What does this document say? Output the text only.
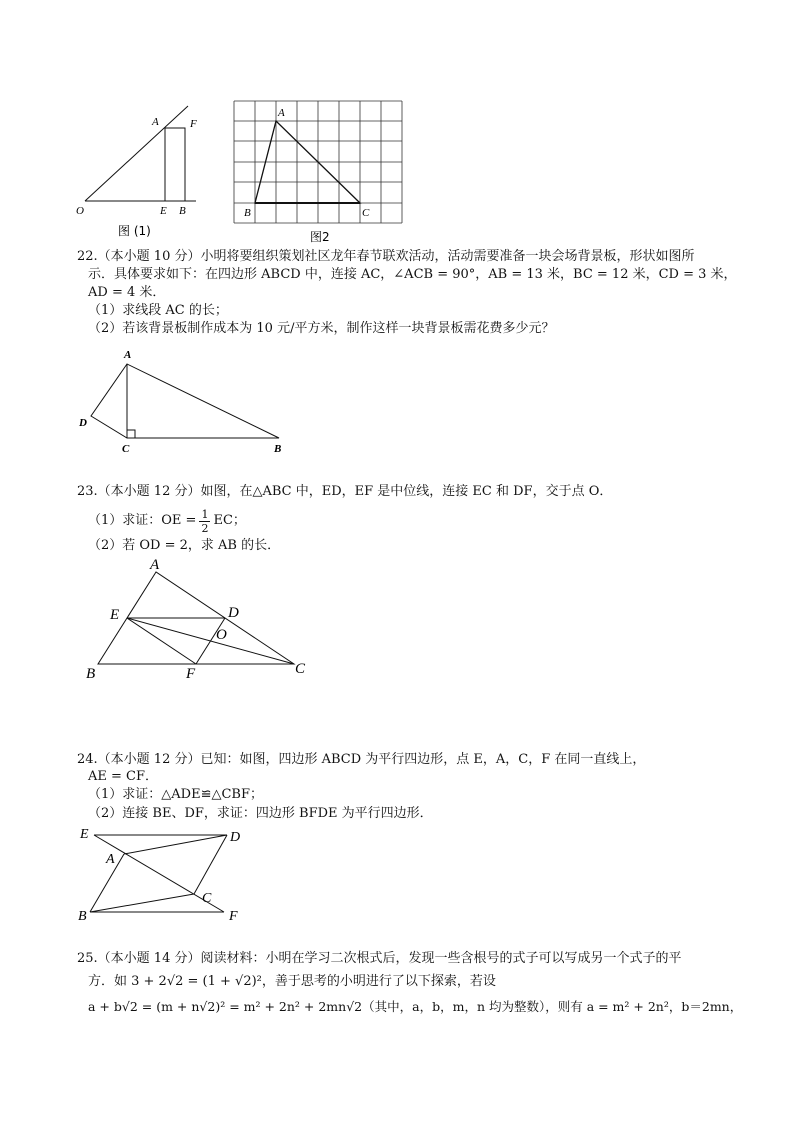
A	F
O	E B
图 (1)
A
B	C
图2
22.（本小题 10 分）小明将要组织策划社区龙年春节联欢活动，活动需要准备一块会场背景板，形状如图所
示．具体要求如下：在四边形 ABCD 中，连接 AC，∠ACB = 90°，AB = 13 米，BC = 12 米，CD = 3 米，
AD = 4 米．
（1）求线段 AC 的长；
（2）若该背景板制作成本为 10 元/平方米，制作这样一块背景板需花费多少元？
A
D
C	B
23.（本小题 12 分）如图，在△ABC 中，ED，EF 是中位线，连接 EC 和 DF，交于点 O．
（1）求证：OE = $\frac{1}{2}$ EC；
（2）若 OD = 2，求 AB 的长．
A
E	D
O
B	F	C
24.（本小题 12 分）已知：如图，四边形 ABCD 为平行四边形，点 E，A，C，F 在同一直线上，
AE = CF．
（1）求证：△ADE≌△CBF；
（2）连接 BE、DF，求证：四边形 BFDE 为平行四边形．
E	D
A
C
B	F
25.（本小题 14 分）阅读材料：小明在学习二次根式后，发现一些含根号的式子可以写成另一个式子的平
方．如 3 + 2√2 = (1 + √2)²，善于思考的小明进行了以下探索，若设
a + b√2 = (m + n√2)² = m² + 2n² + 2mn√2（其中，a，b，m，n 均为整数），则有 a = m² + 2n²，b＝2mn，
